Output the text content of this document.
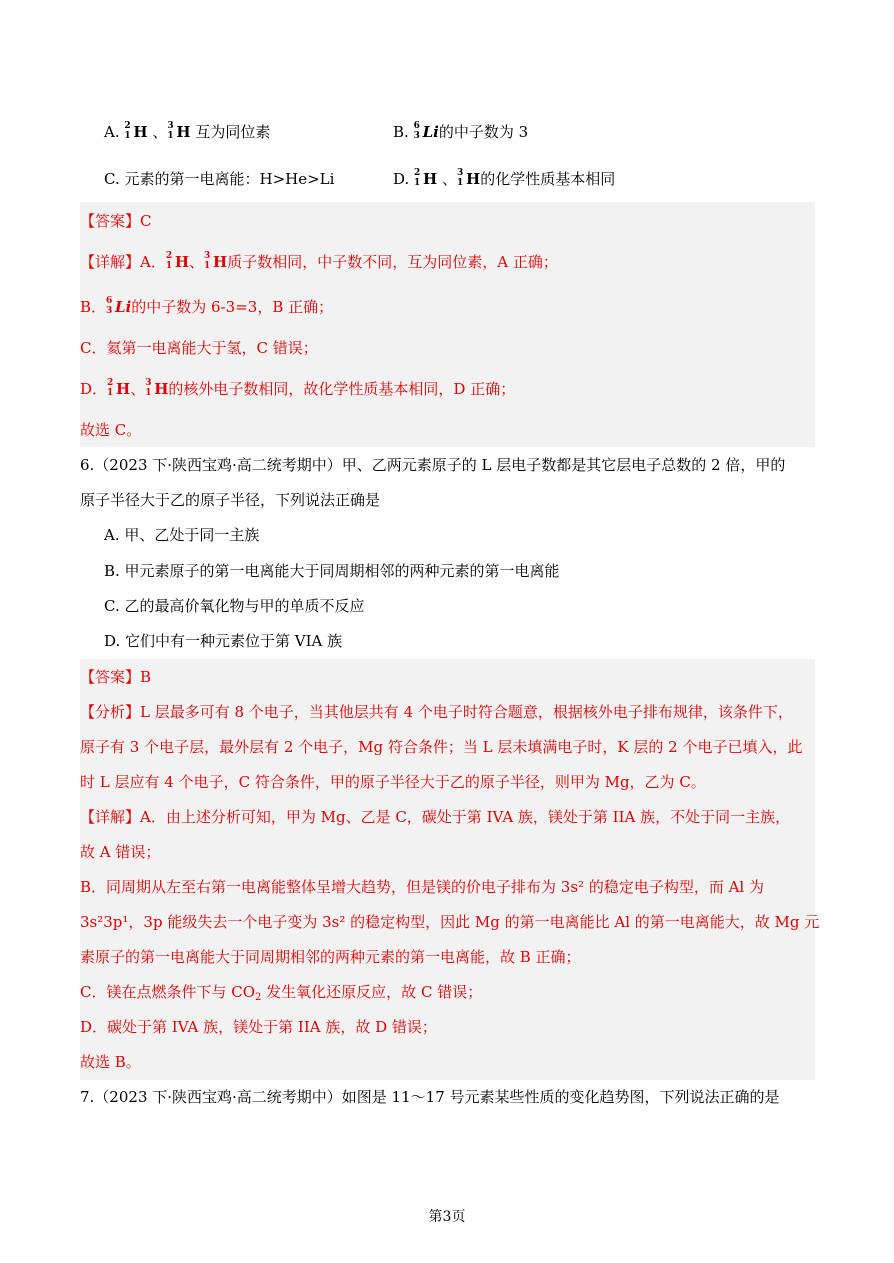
A. 2
1 H 、 3
1 H 互为同位素	B. 6
3 Li的中子数为 3
C. 元素的第一电离能：H>He>Li	D. 2
1 H 、 3
1 H的化学性质基本相同
【答案】C
【详解】A． 2
1 H、 3
1 H质子数相同，中子数不同，互为同位素，A 正确；
B． 6
3 Li的中子数为 6-3=3，B 正确；
C．氦第一电离能大于氢，C 错误；
D． 2
1 H、 3
1 H的核外电子数相同，故化学性质基本相同，D 正确；
故选 C。
6.（2023 下·陕西宝鸡·高二统考期中）甲、乙两元素原子的 L 层电子数都是其它层电子总数的 2 倍，甲的
原子半径大于乙的原子半径，下列说法正确是
A. 甲、乙处于同一主族
B. 甲元素原子的第一电离能大于同周期相邻的两种元素的第一电离能
C. 乙的最高价氧化物与甲的单质不反应
D. 它们中有一种元素位于第 VIA 族
【答案】B
【分析】L 层最多可有 8 个电子，当其他层共有 4 个电子时符合题意，根据核外电子排布规律，该条件下，
原子有 3 个电子层，最外层有 2 个电子，Mg 符合条件；当 L 层未填满电子时，K 层的 2 个电子已填入，此
时 L 层应有 4 个电子，C 符合条件，甲的原子半径大于乙的原子半径，则甲为 Mg，乙为 C。
【详解】A．由上述分析可知，甲为 Mg、乙是 C，碳处于第 IVA 族，镁处于第 IIA 族，不处于同一主族，
故 A 错误；
B．同周期从左至右第一电离能整体呈增大趋势，但是镁的价电子排布为 3s² 的稳定电子构型，而 Al 为
3s²3p¹，3p 能级失去一个电子变为 3s² 的稳定构型，因此 Mg 的第一电离能比 Al 的第一电离能大，故 Mg 元
素原子的第一电离能大于同周期相邻的两种元素的第一电离能，故 B 正确；
C．镁在点燃条件下与 $CO_2$ 发生氧化还原反应，故 C 错误；
D．碳处于第 IVA 族，镁处于第 IIA 族，故 D 错误；
故选 B。
7.（2023 下·陕西宝鸡·高二统考期中）如图是 11～17 号元素某些性质的变化趋势图，下列说法正确的是
第3页
